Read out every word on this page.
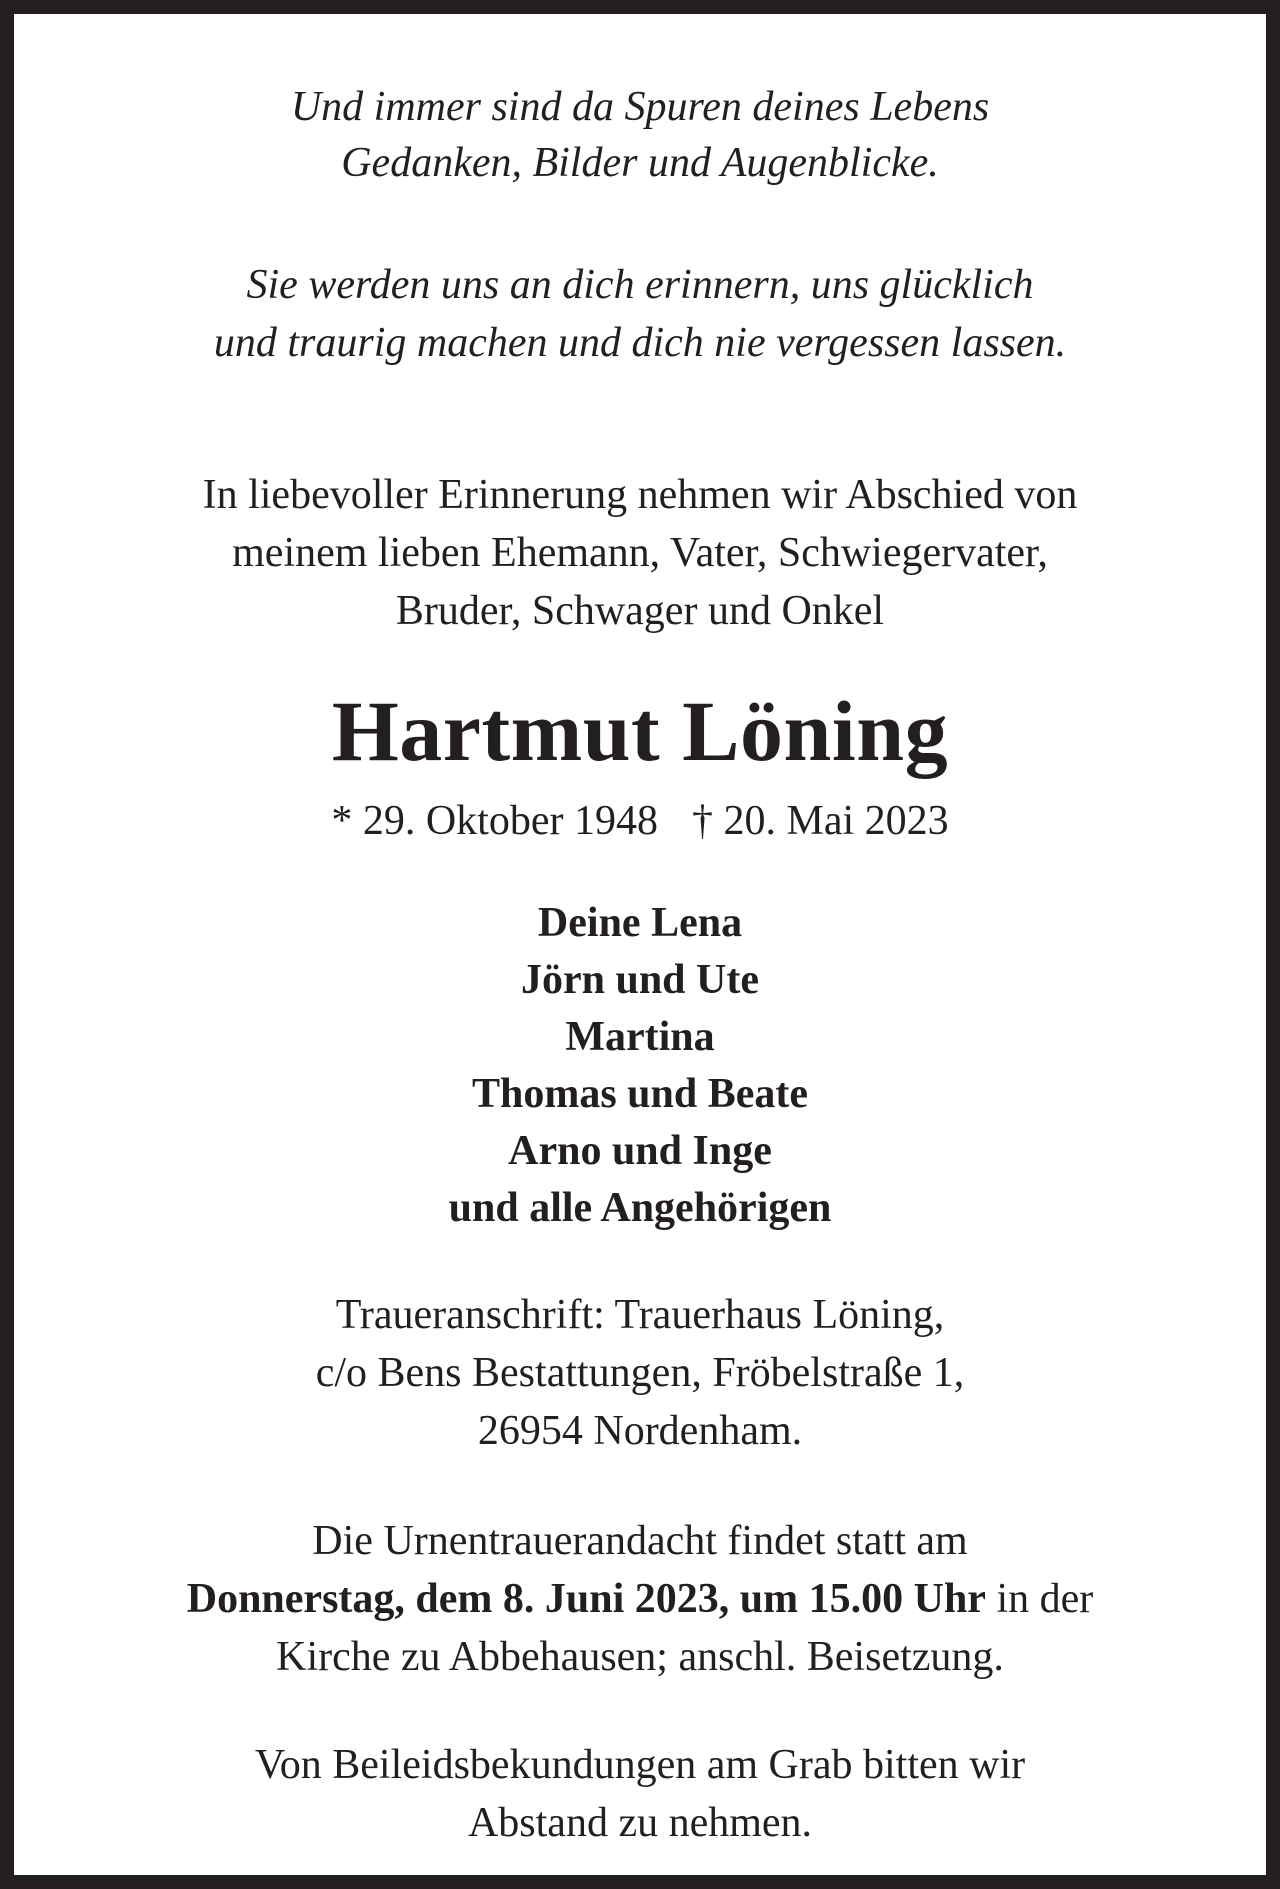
Und immer sind da Spuren deines Lebens
Gedanken, Bilder und Augenblicke.
Sie werden uns an dich erinnern, uns glücklich
und traurig machen und dich nie vergessen lassen.
In liebevoller Erinnerung nehmen wir Abschied von
meinem lieben Ehemann, Vater, Schwiegervater,
Bruder, Schwager und Onkel
Hartmut Löning
* 29. Oktober 1948 † 20. Mai 2023
Deine Lena
Jörn und Ute
Martina
Thomas und Beate
Arno und Inge
und alle Angehörigen
Traueranschrift: Trauerhaus Löning,
c/o Bens Bestattungen, Fröbelstraße 1,
26954 Nordenham.
Die Urnentrauerandacht findet statt am
Donnerstag, dem 8. Juni 2023, um 15.00 Uhr in der
Kirche zu Abbehausen; anschl. Beisetzung.
Von Beileidsbekundungen am Grab bitten wir
Abstand zu nehmen.
